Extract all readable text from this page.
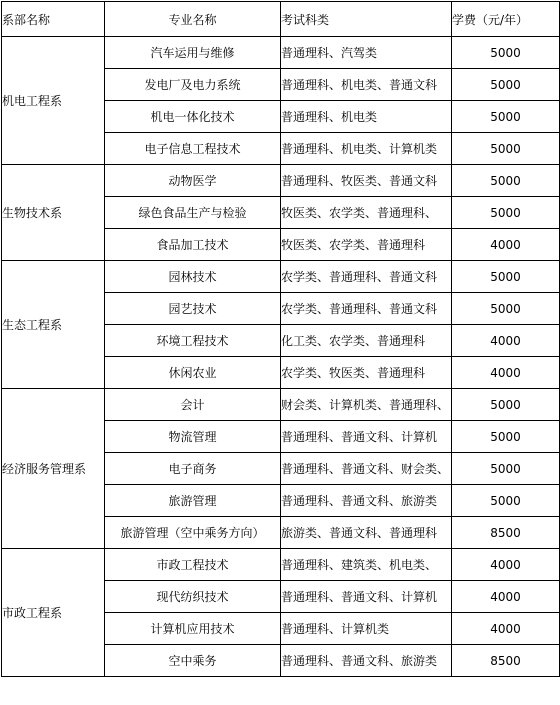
系部名称	专业名称	考试科类	学费（元/年）
机电工程系	汽车运用与维修	普通理科、汽驾类	5000
	发电厂及电力系统	普通理科、机电类、普通文科	5000
	机电一体化技术	普通理科、机电类	5000
	电子信息工程技术	普通理科、机电类、计算机类	5000
生物技术系	动物医学	普通理科、牧医类、普通文科	5000
	绿色食品生产与检验	牧医类、农学类、普通理科、	5000
	食品加工技术	牧医类、农学类、普通理科	4000
生态工程系	园林技术	农学类、普通理科、普通文科	5000
	园艺技术	农学类、普通理科、普通文科	5000
	环境工程技术	化工类、农学类、普通理科	4000
	休闲农业	农学类、牧医类、普通理科	4000
经济服务管理系	会计	财会类、计算机类、普通理科、	5000
	物流管理	普通理科、普通文科、计算机	5000
	电子商务	普通理科、普通文科、财会类、	5000
	旅游管理	普通理科、普通文科、旅游类	5000
	旅游管理（空中乘务方向）	旅游类、普通文科、普通理科	8500
市政工程系	市政工程技术	普通理科、建筑类、机电类、	4000
	现代纺织技术	普通理科、普通文科、计算机	4000
	计算机应用技术	普通理科、计算机类	4000
	空中乘务	普通理科、普通文科、旅游类	8500
